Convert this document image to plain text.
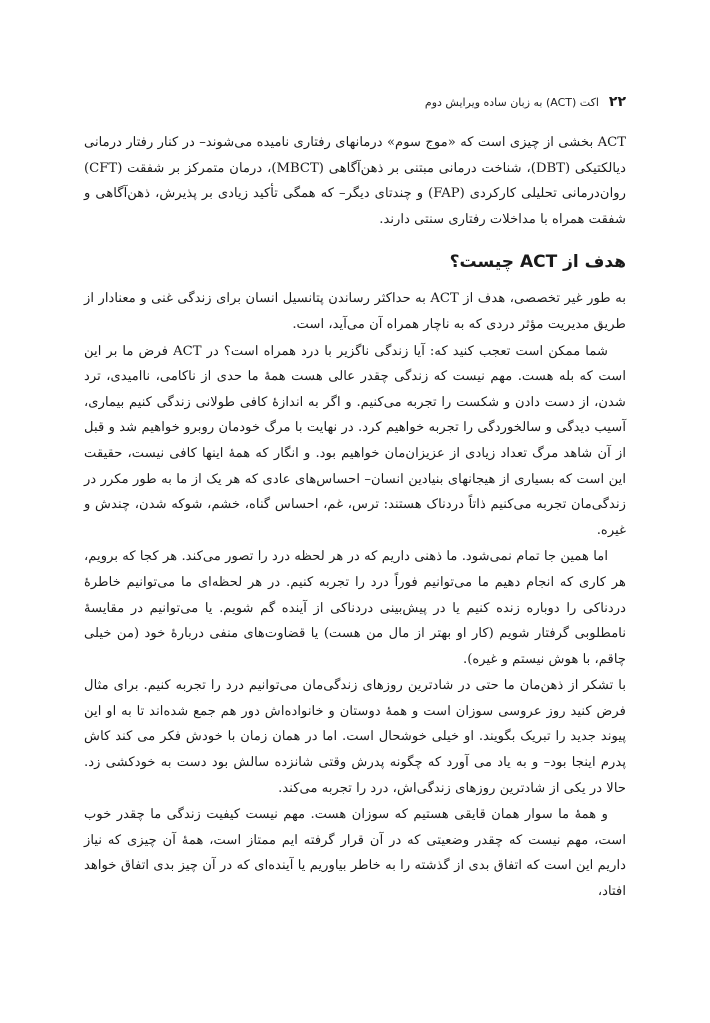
۲۲
اکت (ACT) به زبان ساده ویرایش دوم

ACT بخشی از چیزی است که «موج سوم» درمانهای رفتاری نامیده می‌شوند– در کنار رفتار درمانی دیالکتیکی (DBT)، شناخت درمانی مبتنی بر ذهن‌آگاهی (MBCT)، درمان متمرکز بر شفقت (CFT) روان‌درمانی تحلیلی کارکردی (FAP) و چندتای دیگر– که همگی تأکید زیادی بر پذیرش، ذهن‌آگاهی و شفقت همراه با مداخلات رفتاری سنتی دارند.

هدف از ACT چیست؟

به طور غیر تخصصی، هدف از ACT به حداکثر رساندن پتانسیل انسان برای زندگی غنی و معنادار از طریق مدیریت مؤثر دردی که به ناچار همراه آن می‌آید، است.

شما ممکن است تعجب کنید که: آیا زندگی ناگزیر با درد همراه است؟ در ACT فرض ما بر این است که بله هست. مهم نیست که زندگی چقدر عالی هست همهٔ ما حدی از ناکامی، ناامیدی، ترد شدن، از دست دادن و شکست را تجربه می‌کنیم. و اگر به اندازهٔ کافی طولانی زندگی کنیم بیماری، آسیب دیدگی و سالخوردگی را تجربه خواهیم کرد. در نهایت با مرگ خودمان روبرو خواهیم شد و قبل از آن شاهد مرگ تعداد زیادی از عزیزان‌مان خواهیم بود. و انگار که همهٔ اینها کافی نیست، حقیقت این است که بسیاری از هیجانهای بنیادین انسان– احساس‌های عادی که هر یک از ما به طور مکرر در زندگی‌مان تجربه می‌کنیم ذاتاً دردناک هستند: ترس، غم، احساس گناه، خشم، شوکه شدن، چندش و غیره.

اما همین جا تمام نمی‌شود. ما ذهنی داریم که در هر لحظه درد را تصور می‌کند. هر کجا که برویم، هر کاری که انجام دهیم ما می‌توانیم فوراً درد را تجربه کنیم. در هر لحظه‌ای ما می‌توانیم خاطرهٔ دردناکی را دوباره زنده کنیم یا در پیش‌بینی دردناکی از آینده گم شویم. یا می‌توانیم در مقایسهٔ نامطلوبی گرفتار شویم (کار او بهتر از مال من هست) یا قضاوت‌های منفی دربارهٔ خود (من خیلی چاقم، با هوش نیستم و غیره).

با تشکر از ذهن‌مان ما حتی در شادترین روزهای زندگی‌مان می‌توانیم درد را تجربه کنیم. برای مثال فرض کنید روز عروسی سوزان است و همهٔ دوستان و خانواده‌اش دور هم جمع شده‌اند تا به او این پیوند جدید را تبریک بگویند. او خیلی خوشحال است. اما در همان زمان با خودش فکر می کند کاش پدرم اینجا بود– و به یاد می آورد که چگونه پدرش وقتی شانزده سالش بود دست به خودکشی زد. حالا در یکی از شادترین روزهای زندگی‌اش، درد را تجربه می‌کند.

و همهٔ ما سوار همان قایقی هستیم که سوزان هست. مهم نیست کیفیت زندگی ما چقدر خوب است، مهم نیست که چقدر وضعیتی که در آن قرار گرفته ایم ممتاز است، همهٔ آن چیزی که نیاز داریم این است که اتفاق بدی از گذشته را به خاطر بیاوریم یا آینده‌ای که در آن چیز بدی اتفاق خواهد افتاد،
